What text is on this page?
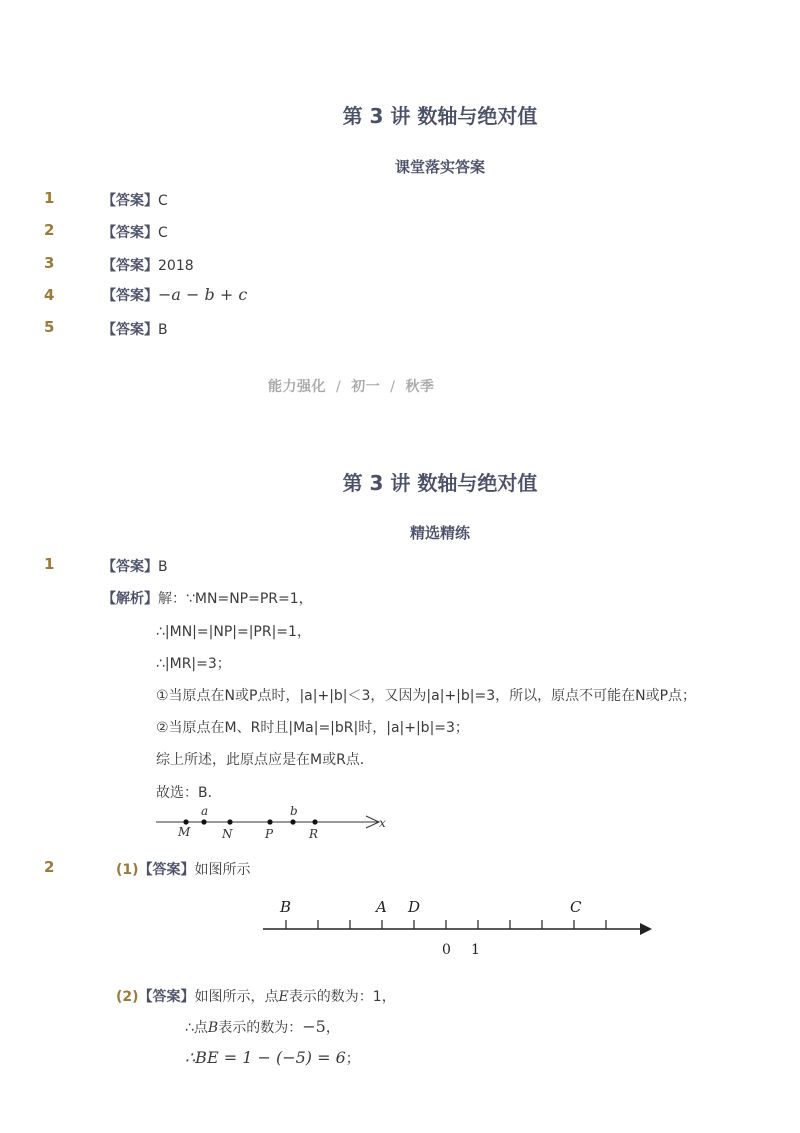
第 3 讲 数轴与绝对值
课堂落实答案
1	【答案】C
2	【答案】C
3	【答案】2018
4	【答案】−a − b + c
5	【答案】B
能力强化 / 初一 / 秋季
第 3 讲 数轴与绝对值
精选精练
1	【答案】B
【解析】解：∵MN=NP=PR=1，
∴|MN|=|NP|=|PR|=1，
∴|MR|=3；
①当原点在N或P点时，|a|+|b|＜3，又因为|a|+|b|=3，所以，原点不可能在N或P点；
②当原点在M、R时且|Ma|=|bR|时，|a|+|b|=3；
综上所述，此原点应是在M或R点．
故选：B．
x
a	b
M	N	P	R
2	(1)【答案】如图所示
B	A D	C
0 1
(2)【答案】如图所示，点E表示的数为：1，
∴点B表示的数为：−5，
∴BE = 1 − (−5) = 6；
